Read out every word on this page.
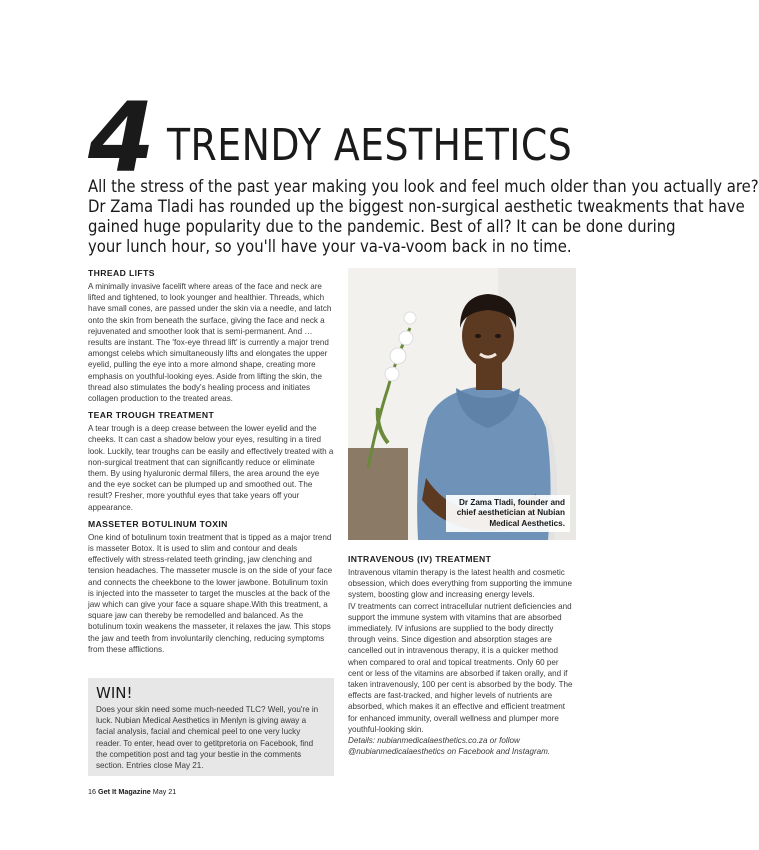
4 TRENDY AESTHETICS

All the stress of the past year making you look and feel much older than you actually are?

Dr Zama Tladi has rounded up the biggest non-surgical aesthetic tweakments that have

gained huge popularity due to the pandemic. Best of all? It can be done during

your lunch hour, so you'll have your va-va-voom back in no time.

THREAD LIFTS

A minimally invasive facelift where areas of the face and neck are lifted and tightened, to look younger and healthier. Threads, which have small cones, are passed under the skin via a needle, and latch onto the skin from beneath the surface, giving the face and neck a rejuvenated and smoother look that is semi-permanent. And … results are instant. The 'fox-eye thread lift' is currently a major trend amongst celebs which simultaneously lifts and elongates the upper eyelid, pulling the eye into a more almond shape, creating more emphasis on youthful-looking eyes. Aside from lifting the skin, the thread also stimulates the body's healing process and initiates collagen production to the treated areas.

TEAR TROUGH TREATMENT

A tear trough is a deep crease between the lower eyelid and the cheeks. It can cast a shadow below your eyes, resulting in a tired look. Luckily, tear troughs can be easily and effectively treated with a non-surgical treatment that can significantly reduce or eliminate them. By using hyaluronic dermal fillers, the area around the eye and the eye socket can be plumped up and smoothed out. The result? Fresher, more youthful eyes that take years off your appearance.

MASSETER BOTULINUM TOXIN

One kind of botulinum toxin treatment that is tipped as a major trend is masseter Botox. It is used to slim and contour and deals effectively with stress-related teeth grinding, jaw clenching and tension headaches. The masseter muscle is on the side of your face and connects the cheekbone to the lower jawbone. Botulinum toxin is injected into the masseter to target the muscles at the back of the jaw which can give your face a square shape.With this treatment, a square jaw can thereby be remodelled and balanced. As the botulinum toxin weakens the masseter, it relaxes the jaw. This stops the jaw and teeth from involuntarily clenching, reducing symptoms from these afflictions.

Dr Zama Tladi, founder and chief aesthetician at Nubian Medical Aesthetics.
INTRAVENOUS (IV) TREATMENT

Intravenous vitamin therapy is the latest health and cosmetic obsession, which does everything from supporting the immune system, boosting glow and increasing energy levels.

IV treatments can correct intracellular nutrient deficiencies and support the immune system with vitamins that are absorbed immediately. IV infusions are supplied to the body directly through veins. Since digestion and absorption stages are cancelled out in intravenous therapy, it is a quicker method when compared to oral and topical treatments. Only 60 per cent or less of the vitamins are absorbed if taken orally, and if taken intravenously, 100 per cent is absorbed by the body. The effects are fast-tracked, and higher levels of nutrients are absorbed, which makes it an effective and efficient treatment for enhanced immunity, overall wellness and plumper more youthful-looking skin.

Details: nubianmedicalaesthetics.co.za or follow @nubianmedicalaesthetics on Facebook and Instagram.

WIN!

Does your skin need some much-needed TLC? Well, you're in luck. Nubian Medical Aesthetics in Menlyn is giving away a facial analysis, facial and chemical peel to one very lucky reader. To enter, head over to getitpretoria on Facebook, find the competition post and tag your bestie in the comments section. Entries close May 21.

16 Get It Magazine May 21
